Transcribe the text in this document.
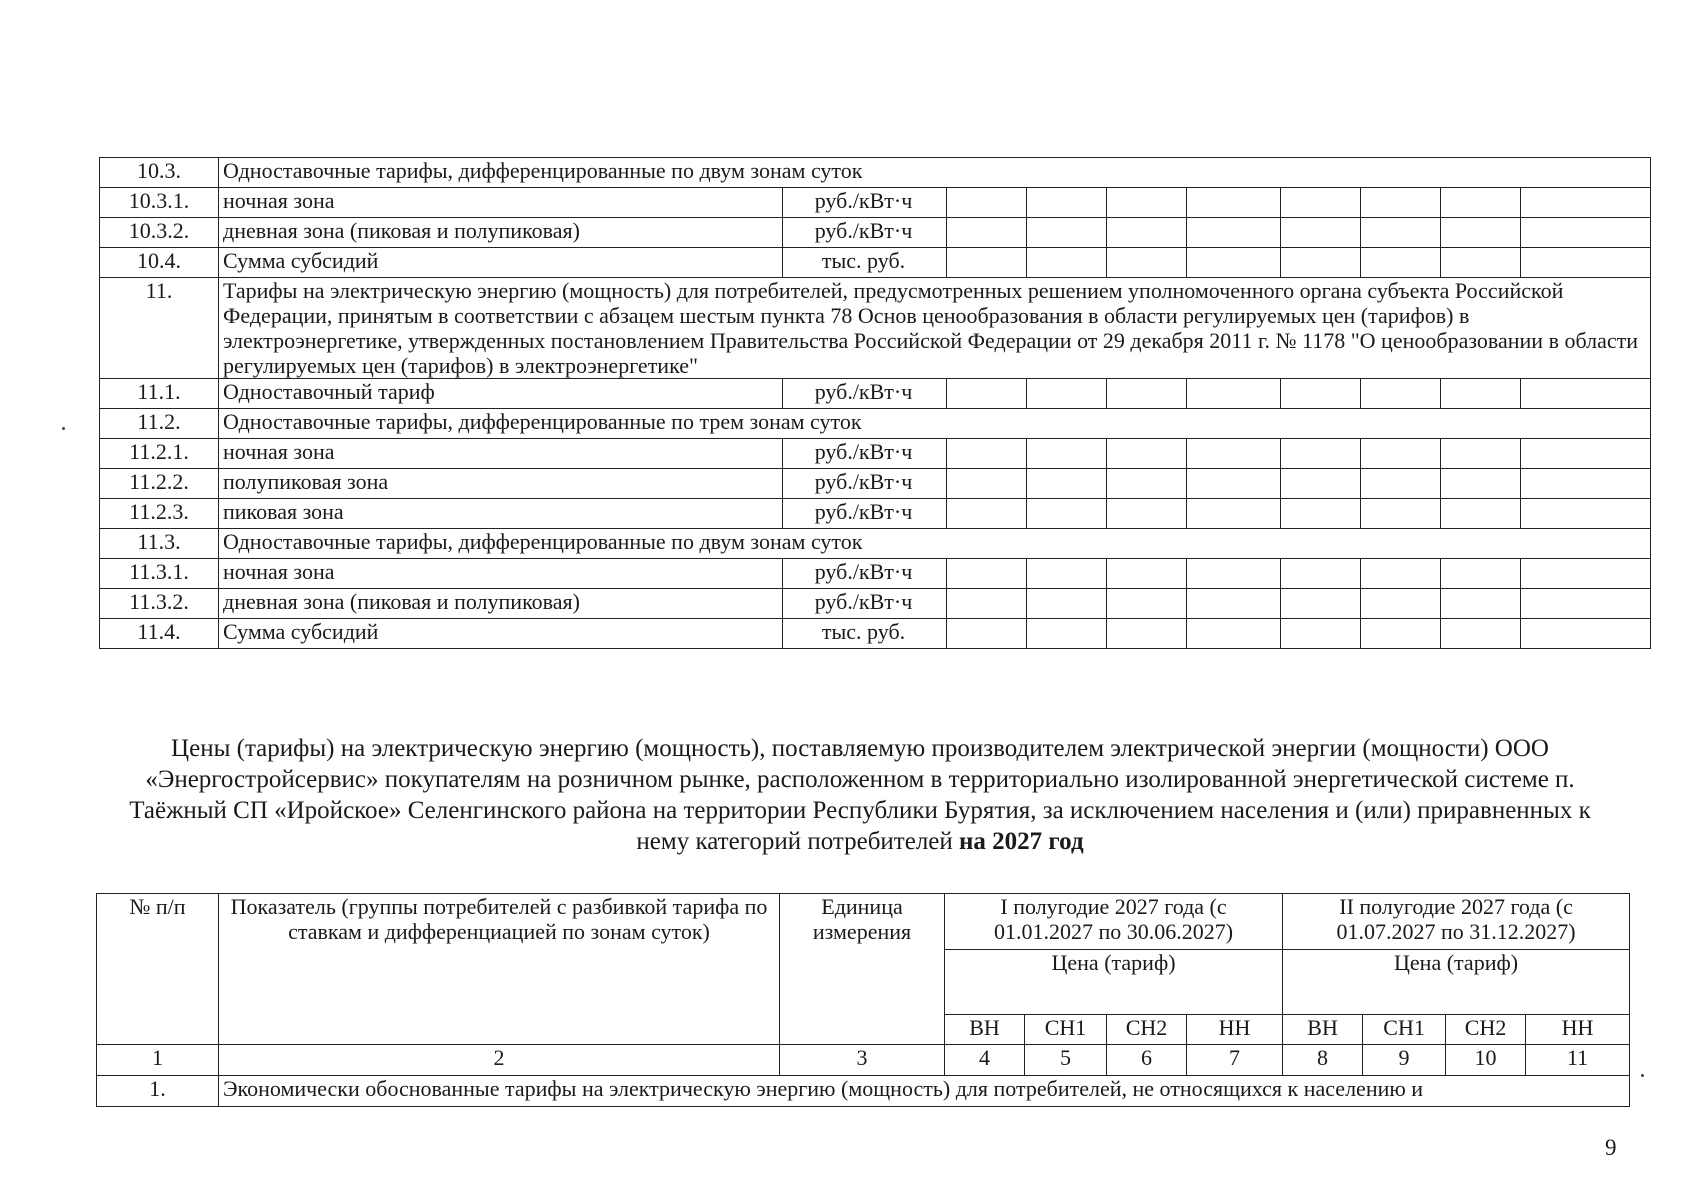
10.3.	Одноставочные тарифы, дифференцированные по двум зонам суток									
10.3.1.	ночная зона	руб./кВт·ч								
10.3.2.	дневная зона (пиковая и полупиковая)	руб./кВт·ч								
10.4.	Сумма субсидий	тыс. руб.								
11.	Тарифы на электрическую энергию (мощность) для потребителей, предусмотренных решением уполномоченного органа субъекта Российской Федерации, принятым в соответствии с абзацем шестым пункта 78 Основ ценообразования в области регулируемых цен (тарифов) в электроэнергетике, утвержденных постановлением Правительства Российской Федерации от 29 декабря 2011 г. № 1178 "О ценообразовании в области регулируемых цен (тарифов) в электроэнергетике"									
11.1.	Одноставочный тариф	руб./кВт·ч								
11.2.	Одноставочные тарифы, дифференцированные по трем зонам суток									
11.2.1.	ночная зона	руб./кВт·ч								
11.2.2.	полупиковая зона	руб./кВт·ч								
11.2.3.	пиковая зона	руб./кВт·ч								
11.3.	Одноставочные тарифы, дифференцированные по двум зонам суток									
11.3.1.	ночная зона	руб./кВт·ч								
11.3.2.	дневная зона (пиковая и полупиковая)	руб./кВт·ч								
11.4.	Сумма субсидий	тыс. руб.								
Цены (тарифы) на электрическую энергию (мощность), поставляемую производителем электрической энергии (мощности) ООО «Энергостройсервис» покупателям на розничном рынке, расположенном в территориально изолированной энергетической системе п. Таёжный СП «Иройское» Селенгинского района на территории Республики Бурятия, за исключением населения и (или) приравненных к нему категорий потребителей на 2027 год
№ п/п	Показатель (группы потребителей с разбивкой тарифа по ставкам и дифференциацией по зонам суток)	Единица измерения	I полугодие 2027 года (с 01.01.2027 по 30.06.2027)				II полугодие 2027 года (с 01.07.2027 по 31.12.2027)			
			Цена (тариф)				Цена (тариф)			
			ВН	СН1	СН2	НН	ВН	СН1	СН2	НН
1	2	3	4	5	6	7	8	9	10	11
1.	Экономически обоснованные тарифы на электрическую энергию (мощность) для потребителей, не относящихся к населению и									
9
